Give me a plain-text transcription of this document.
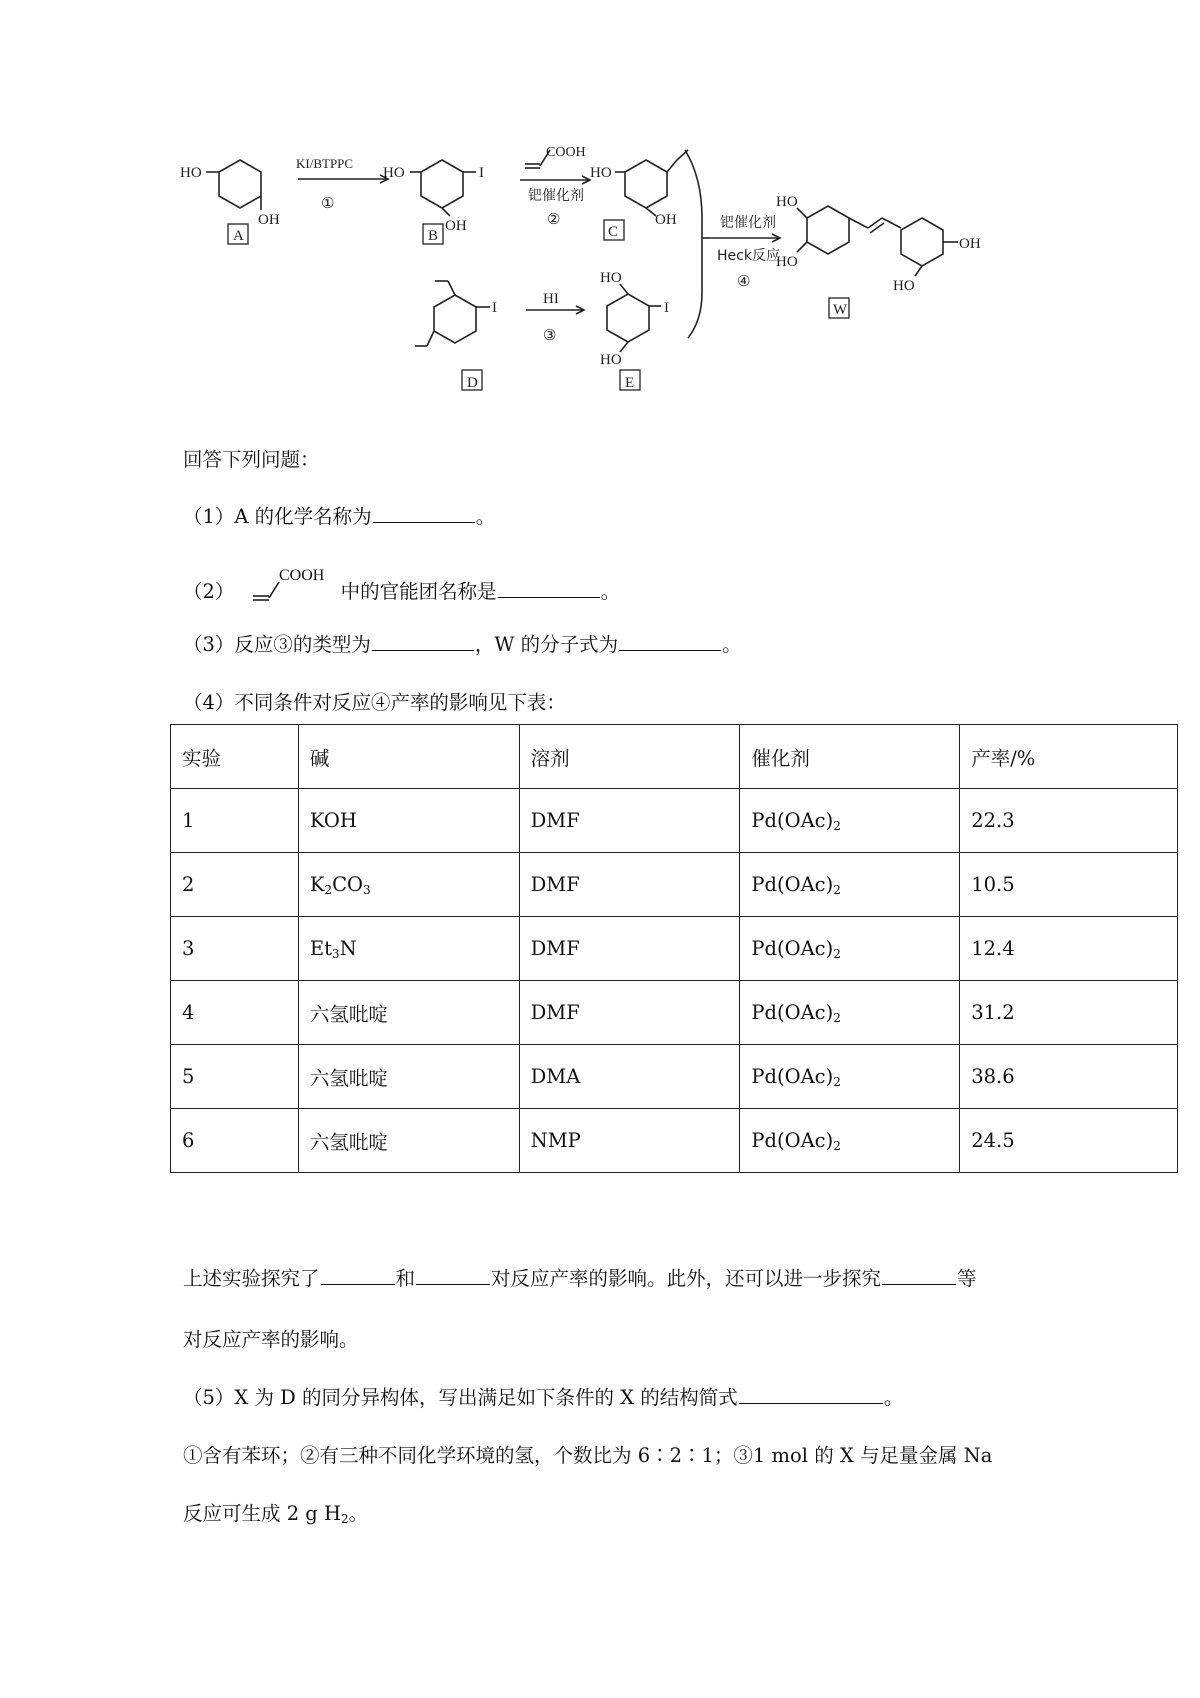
HO
OH
A
KI/BTPPC
①
HO	I
OH
B
COOH
钯催化剂
②
HO
OH
C
钯催化剂
Heck反应
④
I
D
HI
③
HO
HO
I
E
HO
HO
OH
HO
W
回答下列问题：
（1）A 的化学名称为	。
（2）
COOH
中的官能团名称是	。
（3）反应③的类型为	，W 的分子式为	。
（4）不同条件对反应④产率的影响见下表：
实验	碱	溶剂	催化剂	产率/%
1	KOH	DMF	$Pd(OAc)_2$	22.3
2	$K_2CO_3$	DMF	$Pd(OAc)_2$	10.5
3	$Et_3N$	DMF	$Pd(OAc)_2$	12.4
4	六氢吡啶	DMF	$Pd(OAc)_2$	31.2
5	六氢吡啶	DMA	$Pd(OAc)_2$	38.6
6	六氢吡啶	NMP	$Pd(OAc)_2$	24.5
上述实验探究了	和	对反应产率的影响。此外，还可以进一步探究	等
对反应产率的影响。
（5）X 为 D 的同分异构体，写出满足如下条件的 X 的结构简式	。
①含有苯环；②有三种不同化学环境的氢，个数比为 6∶2∶1；③1 mol 的 X 与足量金属 Na
反应可生成 2 g $H_2$。
